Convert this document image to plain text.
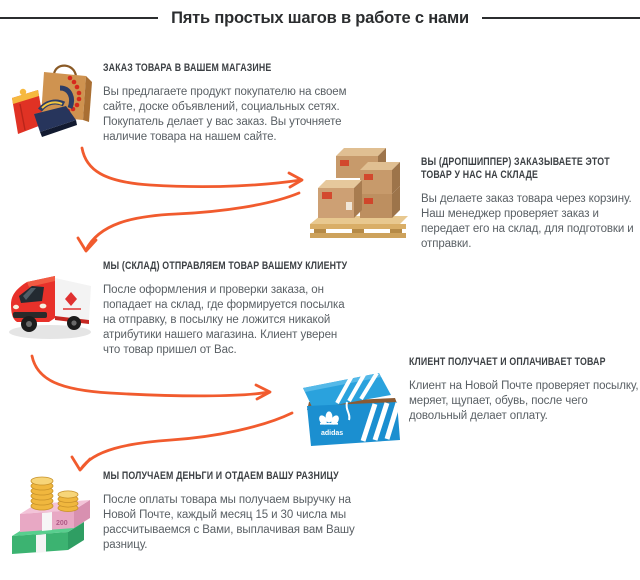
Пять простых шагов в работе с нами
ЗАКАЗ ТОВАРА В ВАШЕМ МАГАЗИНЕ

Вы предлагаете продукт покупателю на своем сайте, доске объявлений, социальных сетях. Покупатель делает у вас заказ. Вы уточняете наличие товара на нашем сайте.

ВЫ (ДРОПШИППЕР) ЗАКАЗЫВАЕТЕ ЭТОТ ТОВАР У НАС НА СКЛАДЕ

Вы делаете заказ товара через корзину. Наш менеджер проверяет заказ и передает его на склад, для подготовки и отправки.

МЫ (СКЛАД) ОТПРАВЛЯЕМ ТОВАР ВАШЕМУ КЛИЕНТУ

После оформления и проверки заказа, он попадает на склад, где формируется посылка на отправку, в посылку не ложится никакой атрибутики нашего магазина. Клиент уверен что товар пришел от Вас.

adidas
КЛИЕНТ ПОЛУЧАЕТ И ОПЛАЧИВАЕТ ТОВАР

Клиент на Новой Почте проверяет посылку, меряет, щупает, обувь, после чего довольный делает оплату.

200
МЫ ПОЛУЧАЕМ ДЕНЬГИ И ОТДАЕМ ВАШУ РАЗНИЦУ

После оплаты товара мы получаем выручку на Новой Почте, каждый месяц 15 и 30 числа мы рассчитываемся с Вами, выплачивая вам Вашу разницу.
